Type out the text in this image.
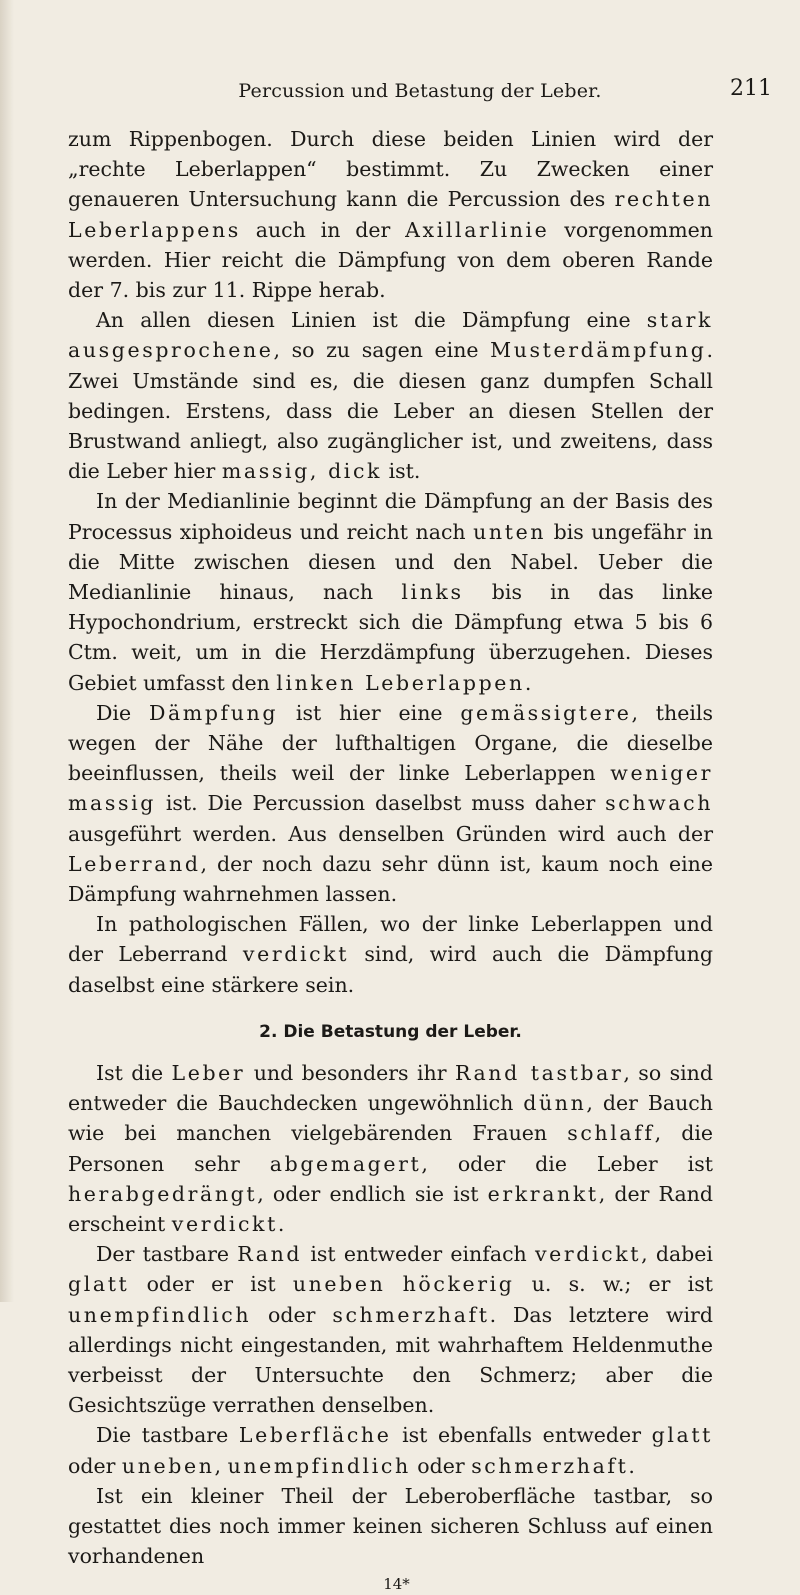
Percussion und Betastung der Leber.	211

zum Rippenbogen. Durch diese beiden Linien wird der „rechte Leberlappen“ bestimmt. Zu Zwecken einer genaueren Untersuchung kann die Percussion des rechten Leberlappens auch in der Axillarlinie vorgenommen werden. Hier reicht die Dämpfung von dem oberen Rande der 7. bis zur 11. Rippe herab.

An allen diesen Linien ist die Dämpfung eine stark ausgesprochene, so zu sagen eine Musterdämpfung. Zwei Umstände sind es, die diesen ganz dumpfen Schall bedingen. Erstens, dass die Leber an diesen Stellen der Brustwand anliegt, also zugänglicher ist, und zweitens, dass die Leber hier massig, dick ist.

In der Medianlinie beginnt die Dämpfung an der Basis des Processus xiphoideus und reicht nach unten bis ungefähr in die Mitte zwischen diesen und den Nabel. Ueber die Medianlinie hinaus, nach links bis in das linke Hypochondrium, erstreckt sich die Dämpfung etwa 5 bis 6 Ctm. weit, um in die Herzdämpfung überzugehen. Dieses Gebiet umfasst den linken Leberlappen.

Die Dämpfung ist hier eine gemässigtere, theils wegen der Nähe der lufthaltigen Organe, die dieselbe beeinflussen, theils weil der linke Leberlappen weniger massig ist. Die Percussion daselbst muss daher schwach ausgeführt werden. Aus denselben Gründen wird auch der Leberrand, der noch dazu sehr dünn ist, kaum noch eine Dämpfung wahrnehmen lassen.

In pathologischen Fällen, wo der linke Leberlappen und der Leberrand verdickt sind, wird auch die Dämpfung daselbst eine stärkere sein.

2. Die Betastung der Leber.

Ist die Leber und besonders ihr Rand tastbar, so sind entweder die Bauchdecken ungewöhnlich dünn, der Bauch wie bei manchen vielgebärenden Frauen schlaff, die Personen sehr abgemagert, oder die Leber ist herabgedrängt, oder endlich sie ist erkrankt, der Rand erscheint verdickt.

Der tastbare Rand ist entweder einfach verdickt, dabei glatt oder er ist uneben höckerig u. s. w.; er ist unempfindlich oder schmerzhaft. Das letztere wird allerdings nicht eingestanden, mit wahrhaftem Heldenmuthe verbeisst der Untersuchte den Schmerz; aber die Gesichtszüge verrathen denselben.

Die tastbare Leberfläche ist ebenfalls entweder glatt oder uneben, unempfindlich oder schmerzhaft.

Ist ein kleiner Theil der Leberoberfläche tastbar, so gestattet dies noch immer keinen sicheren Schluss auf einen vorhandenen

14*
